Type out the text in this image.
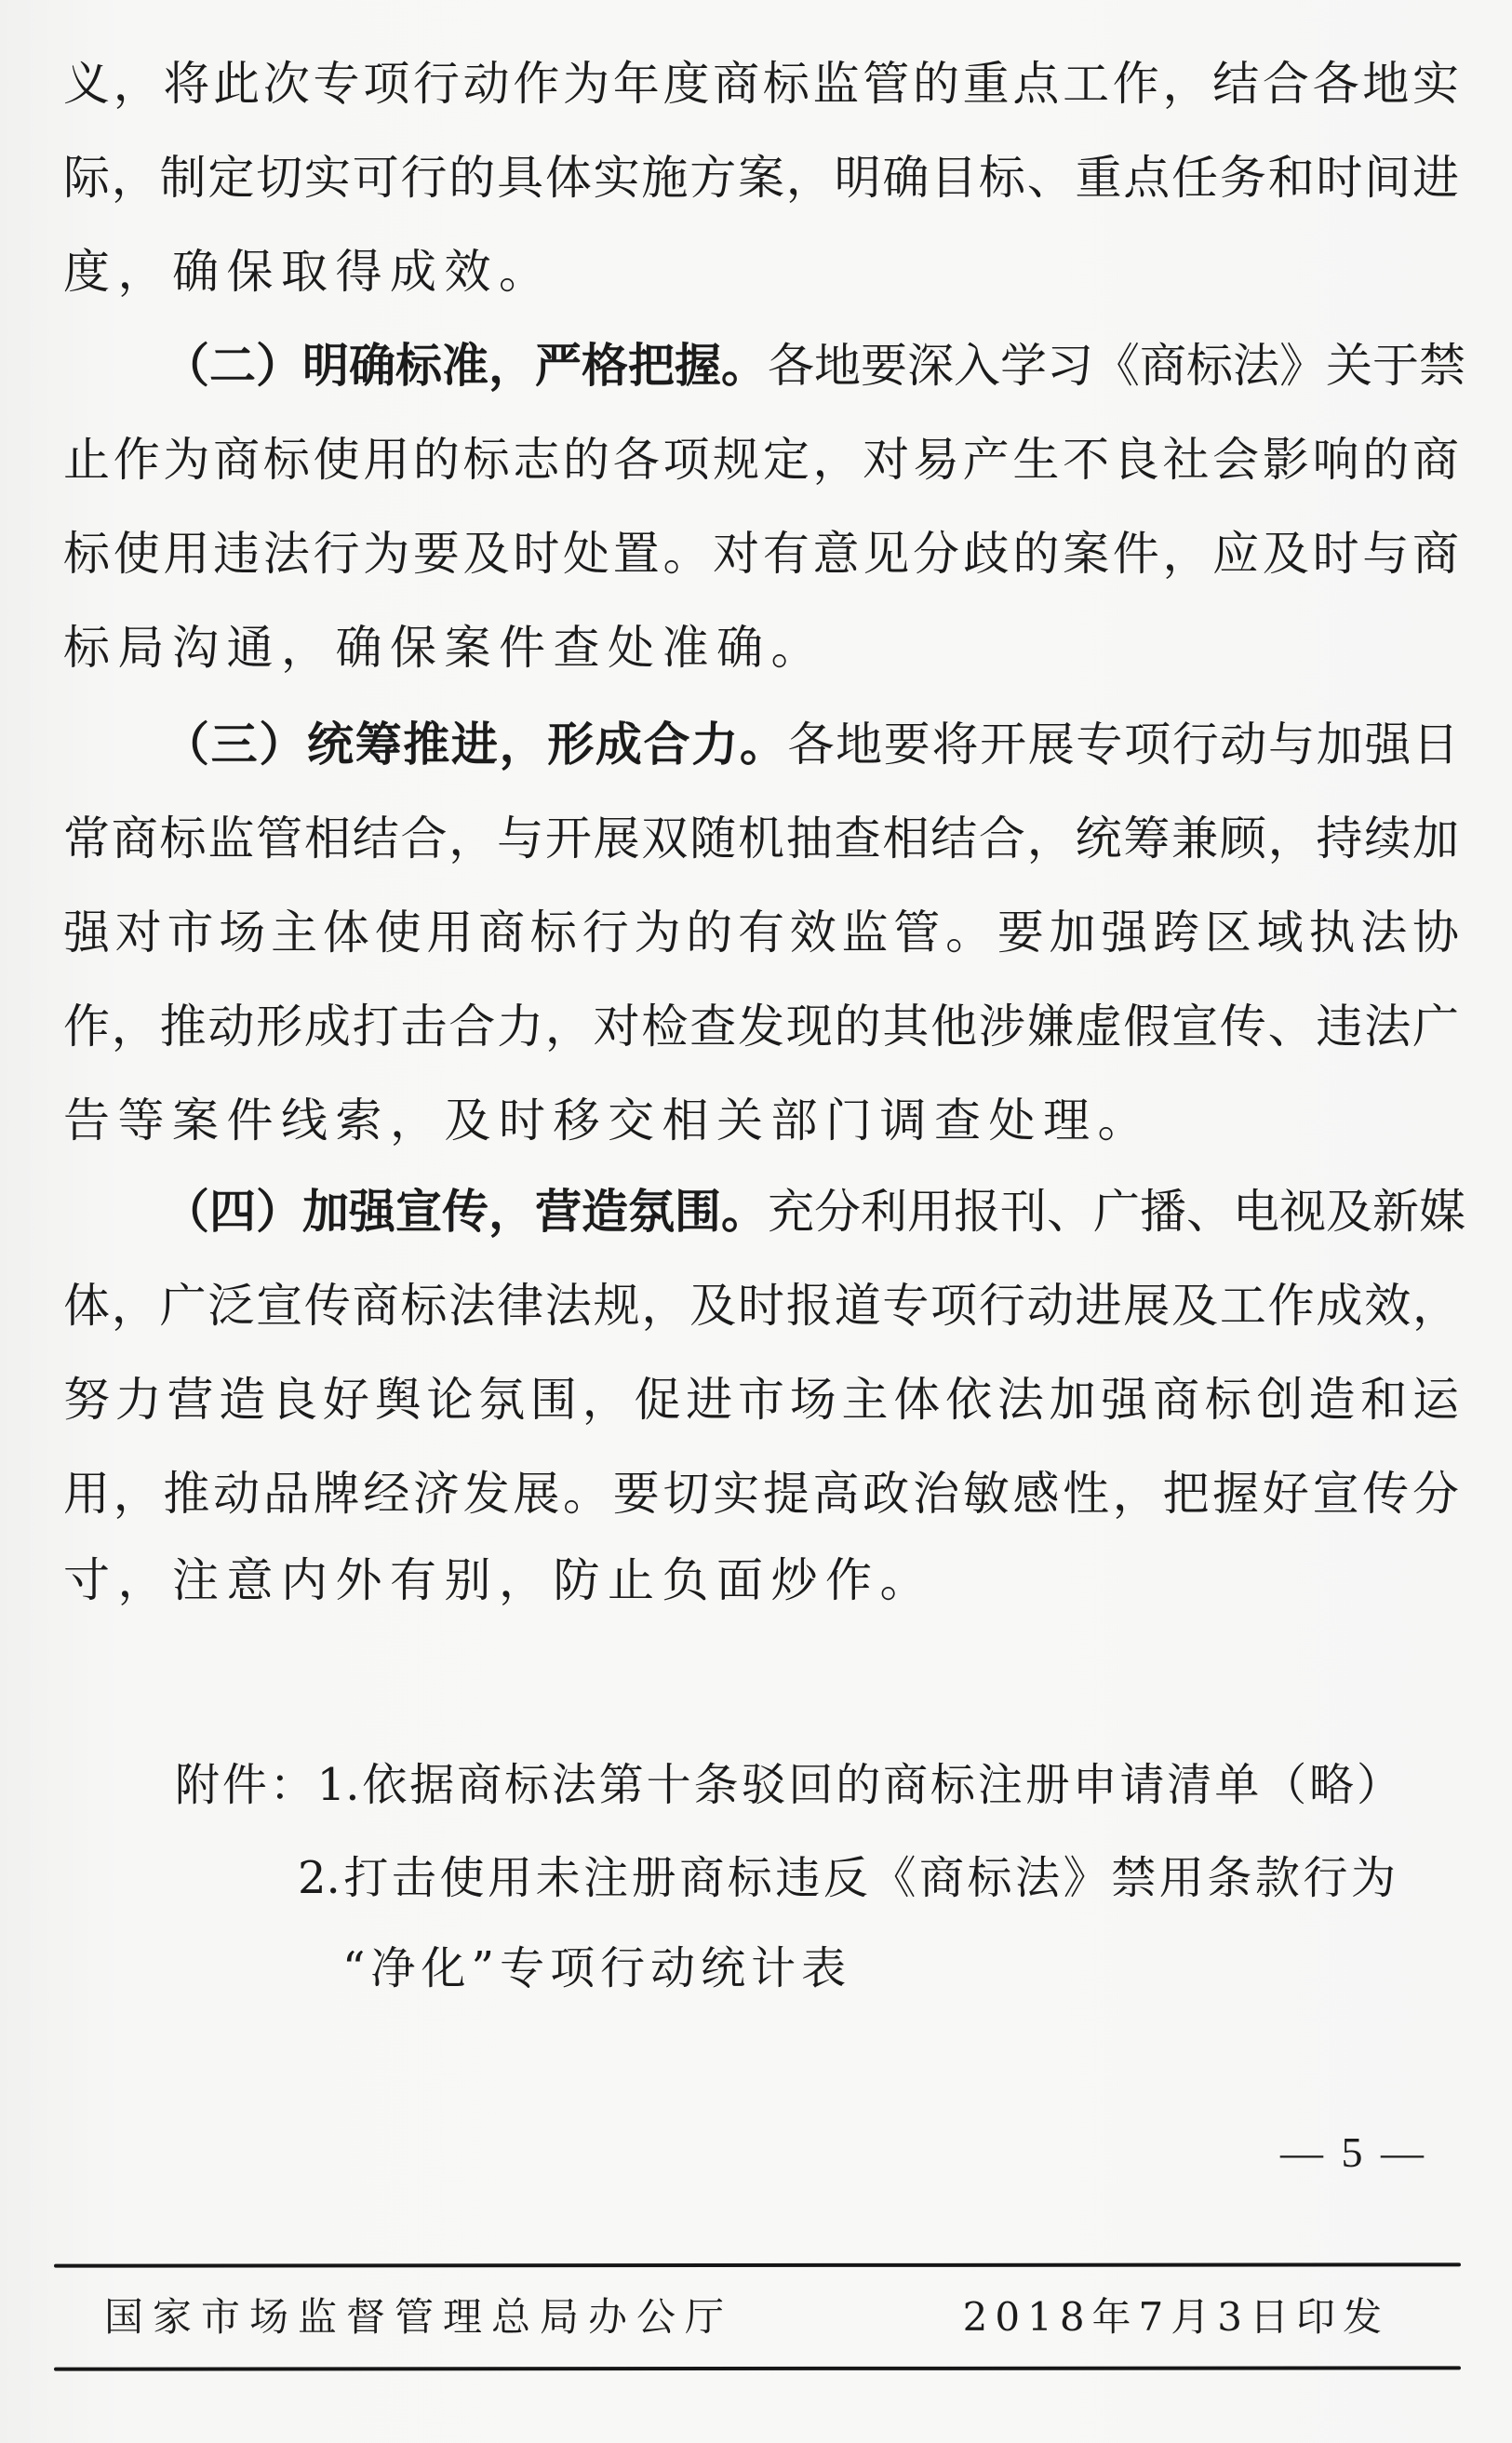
义，将此次专项行动作为年度商标监管的重点工作，结合各地实
际，制定切实可行的具体实施方案，明确目标、重点任务和时间进
度，确保取得成效。
（二）明确标准，严格把握。各地要深入学习《商标法》关于禁
止作为商标使用的标志的各项规定，对易产生不良社会影响的商
标使用违法行为要及时处置。对有意见分歧的案件，应及时与商
标局沟通，确保案件查处准确。
（三）统筹推进，形成合力。各地要将开展专项行动与加强日
常商标监管相结合，与开展双随机抽查相结合，统筹兼顾，持续加
强对市场主体使用商标行为的有效监管。要加强跨区域执法协
作，推动形成打击合力，对检查发现的其他涉嫌虚假宣传、违法广
告等案件线索，及时移交相关部门调查处理。
（四）加强宣传，营造氛围。充分利用报刊、广播、电视及新媒
体，广泛宣传商标法律法规，及时报道专项行动进展及工作成效，
努力营造良好舆论氛围，促进市场主体依法加强商标创造和运
用，推动品牌经济发展。要切实提高政治敏感性，把握好宣传分
寸，注意内外有别，防止负面炒作。
附件：1.依据商标法第十条驳回的商标注册申请清单（略）
2.打击使用未注册商标违反《商标法》禁用条款行为
“净化”专项行动统计表
— 5 —
国家市场监督管理总局办公厅	2018年7月3日印发
